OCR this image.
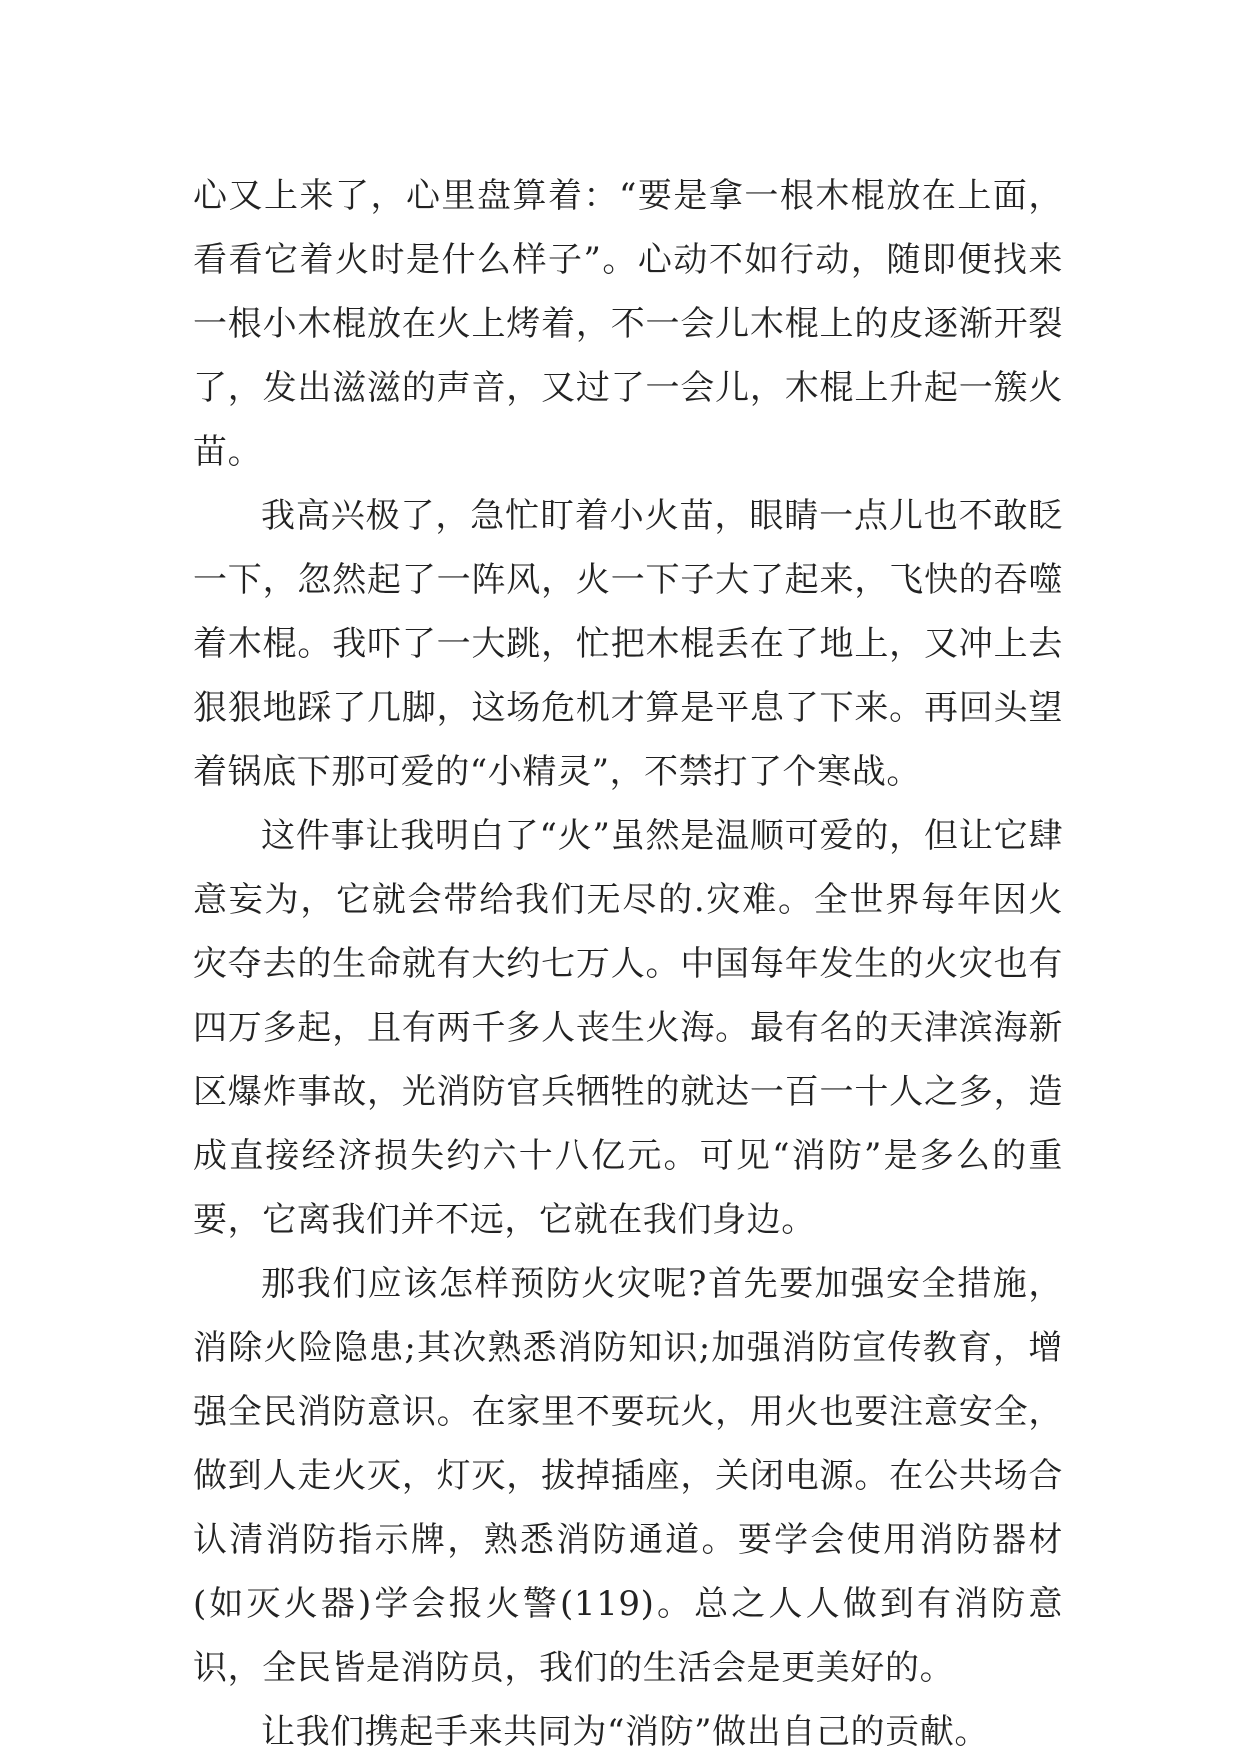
心又上来了，心里盘算着：“要是拿一根木棍放在上面，看看它着火时是什么样子”。心动不如行动，随即便找来一根小木棍放在火上烤着，不一会儿木棍上的皮逐渐开裂了，发出滋滋的声音，又过了一会儿，木棍上升起一簇火苗。

我高兴极了，急忙盯着小火苗，眼睛一点儿也不敢眨一下，忽然起了一阵风，火一下子大了起来，飞快的吞噬着木棍。我吓了一大跳，忙把木棍丢在了地上，又冲上去狠狠地踩了几脚，这场危机才算是平息了下来。再回头望着锅底下那可爱的“小精灵”，不禁打了个寒战。

这件事让我明白了“火”虽然是温顺可爱的，但让它肆意妄为，它就会带给我们无尽的.灾难。全世界每年因火灾夺去的生命就有大约七万人。中国每年发生的火灾也有四万多起，且有两千多人丧生火海。最有名的天津滨海新区爆炸事故，光消防官兵牺牲的就达一百一十人之多，造成直接经济损失约六十八亿元。可见“消防”是多么的重要，它离我们并不远，它就在我们身边。

那我们应该怎样预防火灾呢?首先要加强安全措施，消除火险隐患;其次熟悉消防知识;加强消防宣传教育，增强全民消防意识。在家里不要玩火，用火也要注意安全，做到人走火灭，灯灭，拔掉插座，关闭电源。在公共场合认清消防指示牌，熟悉消防通道。要学会使用消防器材(如灭火器)学会报火警(119)。总之人人做到有消防意识，全民皆是消防员，我们的生活会是更美好的。

让我们携起手来共同为“消防”做出自己的贡献。
